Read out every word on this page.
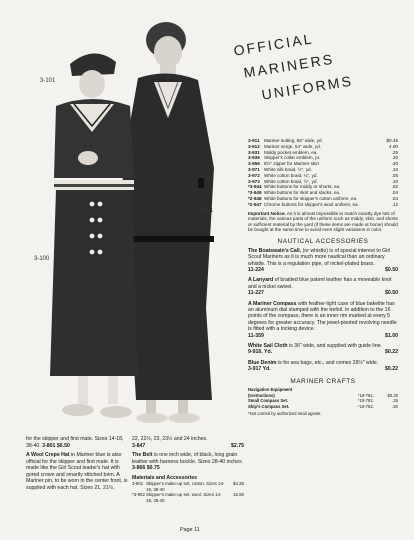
3-101
3-100
3-801
OFFICIAL
MARINERS
UNIFORMS
3-911 Mariner suiting, 56" wide, yd.	$0.45
3-912 Mariner serge, 54" wide, yd.	4.00
3-931 Middy pocket emblem, ea.	.25
3-936 Skipper's collar emblem, pr.	.30
3-956 8½" zipper for Mariner skirt	.30
3-971 White silk braid, ½", yd.	.10
3-972 White cotton braid, ¼", yd.	.05
3-973 White cotton braid, ½", yd.	.10
*3-944 White buttons for middy or shorts, ea.	.02
*3-949 White buttons for skirt and slacks, ea.	.04
*2-948 White buttons for skipper's cotton uniform, ea.	.04
*2-947 Chrome buttons for skipper's wool uniform, ea.	.12
Important Notice. As it is almost impossible to match exactly dye lots of materials, the various parts of the uniform such as middy, skirt, and shorts or sufficient material by the yard (if these items are made at home) should be bought at the same time to avoid even slight variations in color.
NAUTICAL ACCESSORIES
The Boatswain's Call, (or whistle) is of special interest to Girl Scout Mariners as it is much more nautical than an ordinary whistle. This is a regulation pipe, of nickel-plated brass.
11-224	$0.50
A Lanyard of braided blue patent leather has a moveable knot and a nickel swivel.
11-227	$0.50
A Mariner Compass with feather-light case of blue bakelite has an aluminum dial stamped with the trefoil. In addition to the 16 points of the compass, there is an inner rim marked at every 5 degrees for greater accuracy. The jewel-pivoted revolving needle is fitted with a locking device.
11-359	$1.00
White Sail Cloth is 36" wide, and supplied with guide line.
9-916. Yd.	$0.22
Blue Denim is for sea bags, etc., and comes 28½" wide.
3-917 Yd.	$0.22
MARINER CRAFTS
Navigation Equipment
(Instructions)	*18-781.	$0.25
Small Compass Set.	*18-782.	.25
Ship's Compass Set.	*18-783.	.50
*Not carried by authorized retail agents.

for the skipper and first mate. Sizes 14-18, 38-40. 3-801 $6.50

A Wool Crepe Hat in Mariner blue is also official for the skipper and first mate. It is made like the Girl Scout leader's hat with gored crown and smartly stitched brim. A Mariner pin, to be worn in the center front, is supplied with each hat. Sizes 21, 21½,

22, 22½, 23, 23½ and 24 inches.
3-847	$2.75

The Belt is one inch wide, of black, long grain leather with harness buckle. Sizes 28-40 inches. 3-866 $0.75

Materials and Accessories
3-801 Skipper's make-up set, cotton. Sizes 14-18, 38-40
$4.25
*3-902 Skipper's make-up set, wool. Sizes 14-18, 38-40
15.50
Page 11
